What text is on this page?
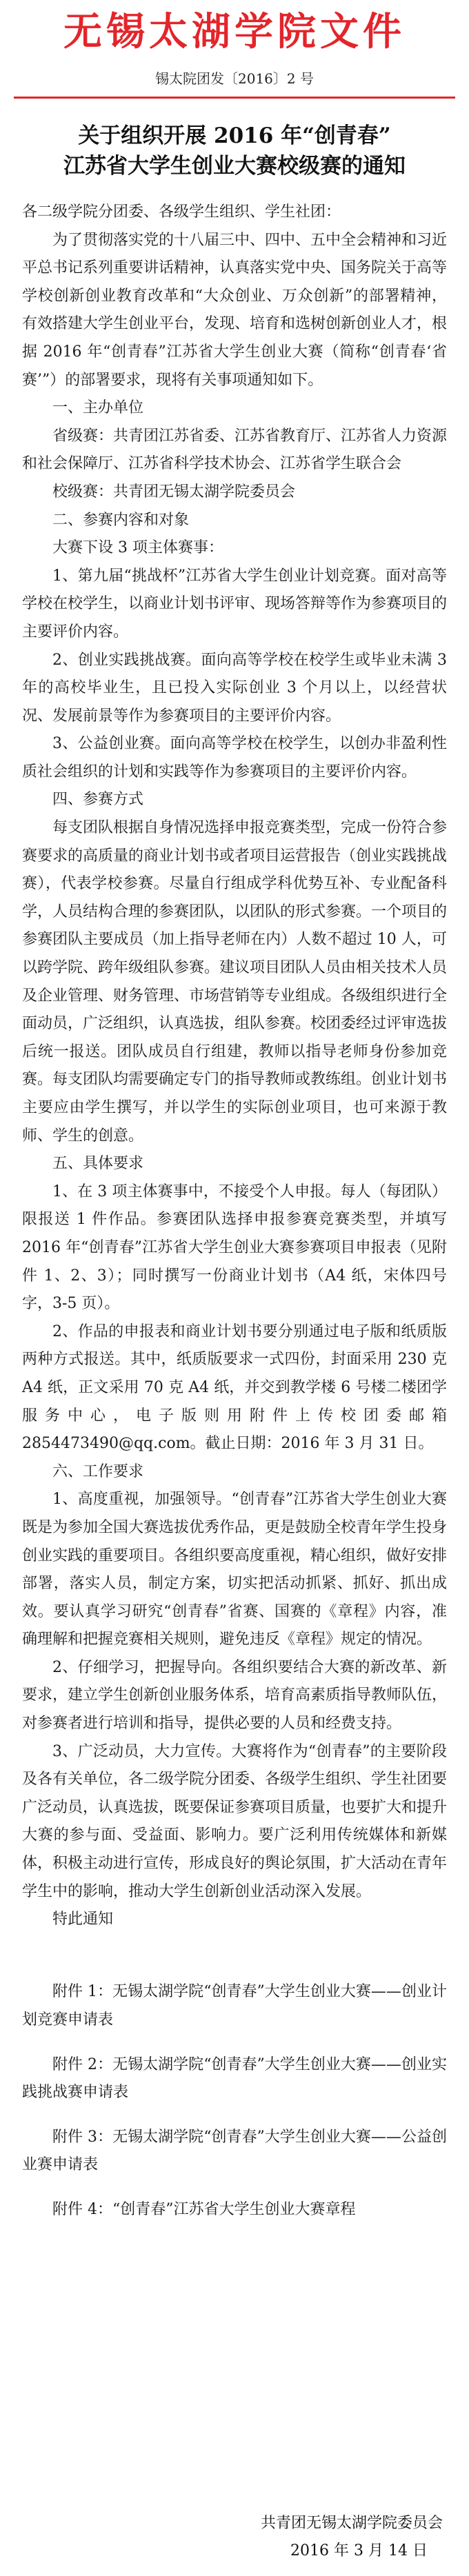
无锡太湖学院文件
锡太院团发〔2016〕2 号
关于组织开展 2016 年“创青春”
江苏省大学生创业大赛校级赛的通知

各二级学院分团委、各级学生组织、学生社团：

为了贯彻落实党的十八届三中、四中、五中全会精神和习近平总书记系列重要讲话精神，认真落实党中央、国务院关于高等学校创新创业教育改革和“大众创业、万众创新”的部署精神，有效搭建大学生创业平台，发现、培育和选树创新创业人才，根据 2016 年“创青春”江苏省大学生创业大赛（简称“创青春‘省赛’”）的部署要求，现将有关事项通知如下。

一、主办单位

省级赛：共青团江苏省委、江苏省教育厅、江苏省人力资源和社会保障厅、江苏省科学技术协会、江苏省学生联合会

校级赛：共青团无锡太湖学院委员会

二、参赛内容和对象

大赛下设 3 项主体赛事：

1、第九届“挑战杯”江苏省大学生创业计划竞赛。面对高等学校在校学生，以商业计划书评审、现场答辩等作为参赛项目的主要评价内容。

2、创业实践挑战赛。面向高等学校在校学生或毕业未满 3 年的高校毕业生，且已投入实际创业 3 个月以上，以经营状况、发展前景等作为参赛项目的主要评价内容。

3、公益创业赛。面向高等学校在校学生，以创办非盈利性质社会组织的计划和实践等作为参赛项目的主要评价内容。

四、参赛方式

每支团队根据自身情况选择申报竞赛类型，完成一份符合参赛要求的高质量的商业计划书或者项目运营报告（创业实践挑战赛），代表学校参赛。尽量自行组成学科优势互补、专业配备科学，人员结构合理的参赛团队，以团队的形式参赛。一个项目的参赛团队主要成员（加上指导老师在内）人数不超过 10 人，可以跨学院、跨年级组队参赛。建议项目团队人员由相关技术人员及企业管理、财务管理、市场营销等专业组成。各级组织进行全面动员，广泛组织，认真选拔，组队参赛。校团委经过评审选拔后统一报送。团队成员自行组建，教师以指导老师身份参加竞赛。每支团队均需要确定专门的指导教师或教练组。创业计划书主要应由学生撰写，并以学生的实际创业项目，也可来源于教师、学生的创意。

五、具体要求

1、在 3 项主体赛事中，不接受个人申报。每人（每团队）限报送 1 件作品。参赛团队选择申报参赛竞赛类型，并填写 2016 年“创青春”江苏省大学生创业大赛参赛项目申报表（见附件 1、2、3）；同时撰写一份商业计划书（A4 纸，宋体四号字，3-5 页）。

2、作品的申报表和商业计划书要分别通过电子版和纸质版两种方式报送。其中，纸质版要求一式四份，封面采用 230 克 A4 纸，正文采用 70 克 A4 纸，并交到教学楼 6 号楼二楼团学服务中心，电子版则用附件上传校团委邮箱 2854473490@qq.com。截止日期：2016 年 3 月 31 日。

六、工作要求

1、高度重视，加强领导。“创青春”江苏省大学生创业大赛既是为参加全国大赛选拔优秀作品，更是鼓励全校青年学生投身创业实践的重要项目。各组织要高度重视，精心组织，做好安排部署，落实人员，制定方案，切实把活动抓紧、抓好、抓出成效。要认真学习研究“创青春”省赛、国赛的《章程》内容，准确理解和把握竞赛相关规则，避免违反《章程》规定的情况。

2、仔细学习，把握导向。各组织要结合大赛的新改革、新要求，建立学生创新创业服务体系，培育高素质指导教师队伍，对参赛者进行培训和指导，提供必要的人员和经费支持。

3、广泛动员，大力宣传。大赛将作为“创青春”的主要阶段及各有关单位，各二级学院分团委、各级学生组织、学生社团要广泛动员，认真选拔，既要保证参赛项目质量，也要扩大和提升大赛的参与面、受益面、影响力。要广泛利用传统媒体和新媒体，积极主动进行宣传，形成良好的舆论氛围，扩大活动在青年学生中的影响，推动大学生创新创业活动深入发展。

特此通知

附件 1：无锡太湖学院“创青春”大学生创业大赛——创业计划竞赛申请表

附件 2：无锡太湖学院“创青春”大学生创业大赛——创业实践挑战赛申请表

附件 3：无锡太湖学院“创青春”大学生创业大赛——公益创业赛申请表

附件 4：“创青春”江苏省大学生创业大赛章程

共青团无锡太湖学院委员会
2016 年 3 月 14 日
